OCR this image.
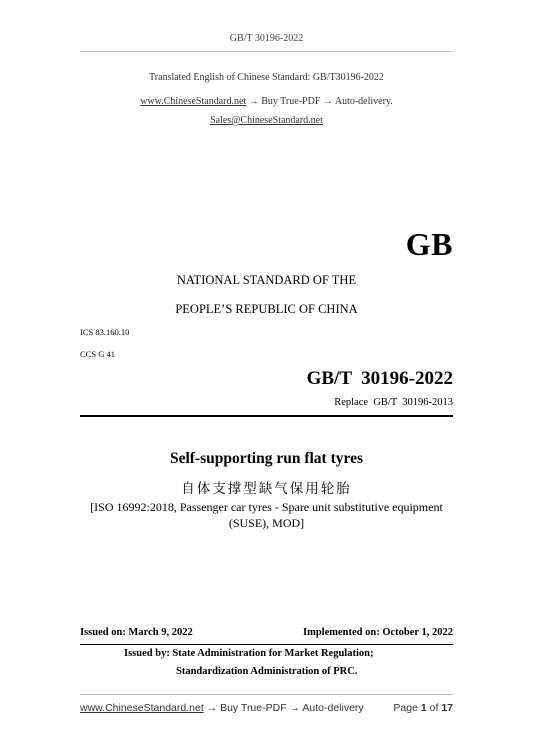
GB/T 30196-2022
Translated English of Chinese Standard: GB/T30196-2022
www.ChineseStandard.net → Buy True-PDF → Auto-delivery.
Sales@ChineseStandard.net
GB
NATIONAL STANDARD OF THE
PEOPLE’S REPUBLIC OF CHINA
ICS 83.160.10
CCS G 41
GB/T  30196-2022
Replace  GB/T  30196-2013
Self-supporting run flat tyres
自体支撑型缺气保用轮胎
[ISO 16992:2018, Passenger car tyres - Spare unit substitutive equipment
(SUSE), MOD]
Issued on: March 9, 2022	Implemented on: October 1, 2022
Issued by: State Administration for Market Regulation;
Standardization Administration of PRC.
www.ChineseStandard.net → Buy True-PDF → Auto-delivery	Page 1 of 17
